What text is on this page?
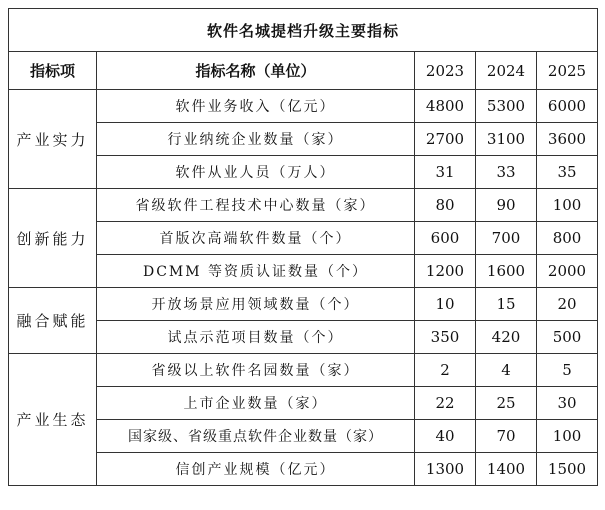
软件名城提档升级主要指标				
指标项	指标名称（单位）	2023	2024	2025
产业实力	软件业务收入（亿元）	4800	5300	6000
	行业纳统企业数量（家）	2700	3100	3600
	软件从业人员（万人）	31	33	35
创新能力	省级软件工程技术中心数量（家）	80	90	100
	首版次高端软件数量（个）	600	700	800
	DCMM 等资质认证数量（个）	1200	1600	2000
融合赋能	开放场景应用领域数量（个）	10	15	20
	试点示范项目数量（个）	350	420	500
产业生态	省级以上软件名园数量（家）	2	4	5
	上市企业数量（家）	22	25	30
	国家级、省级重点软件企业数量（家）	40	70	100
	信创产业规模（亿元）	1300	1400	1500
